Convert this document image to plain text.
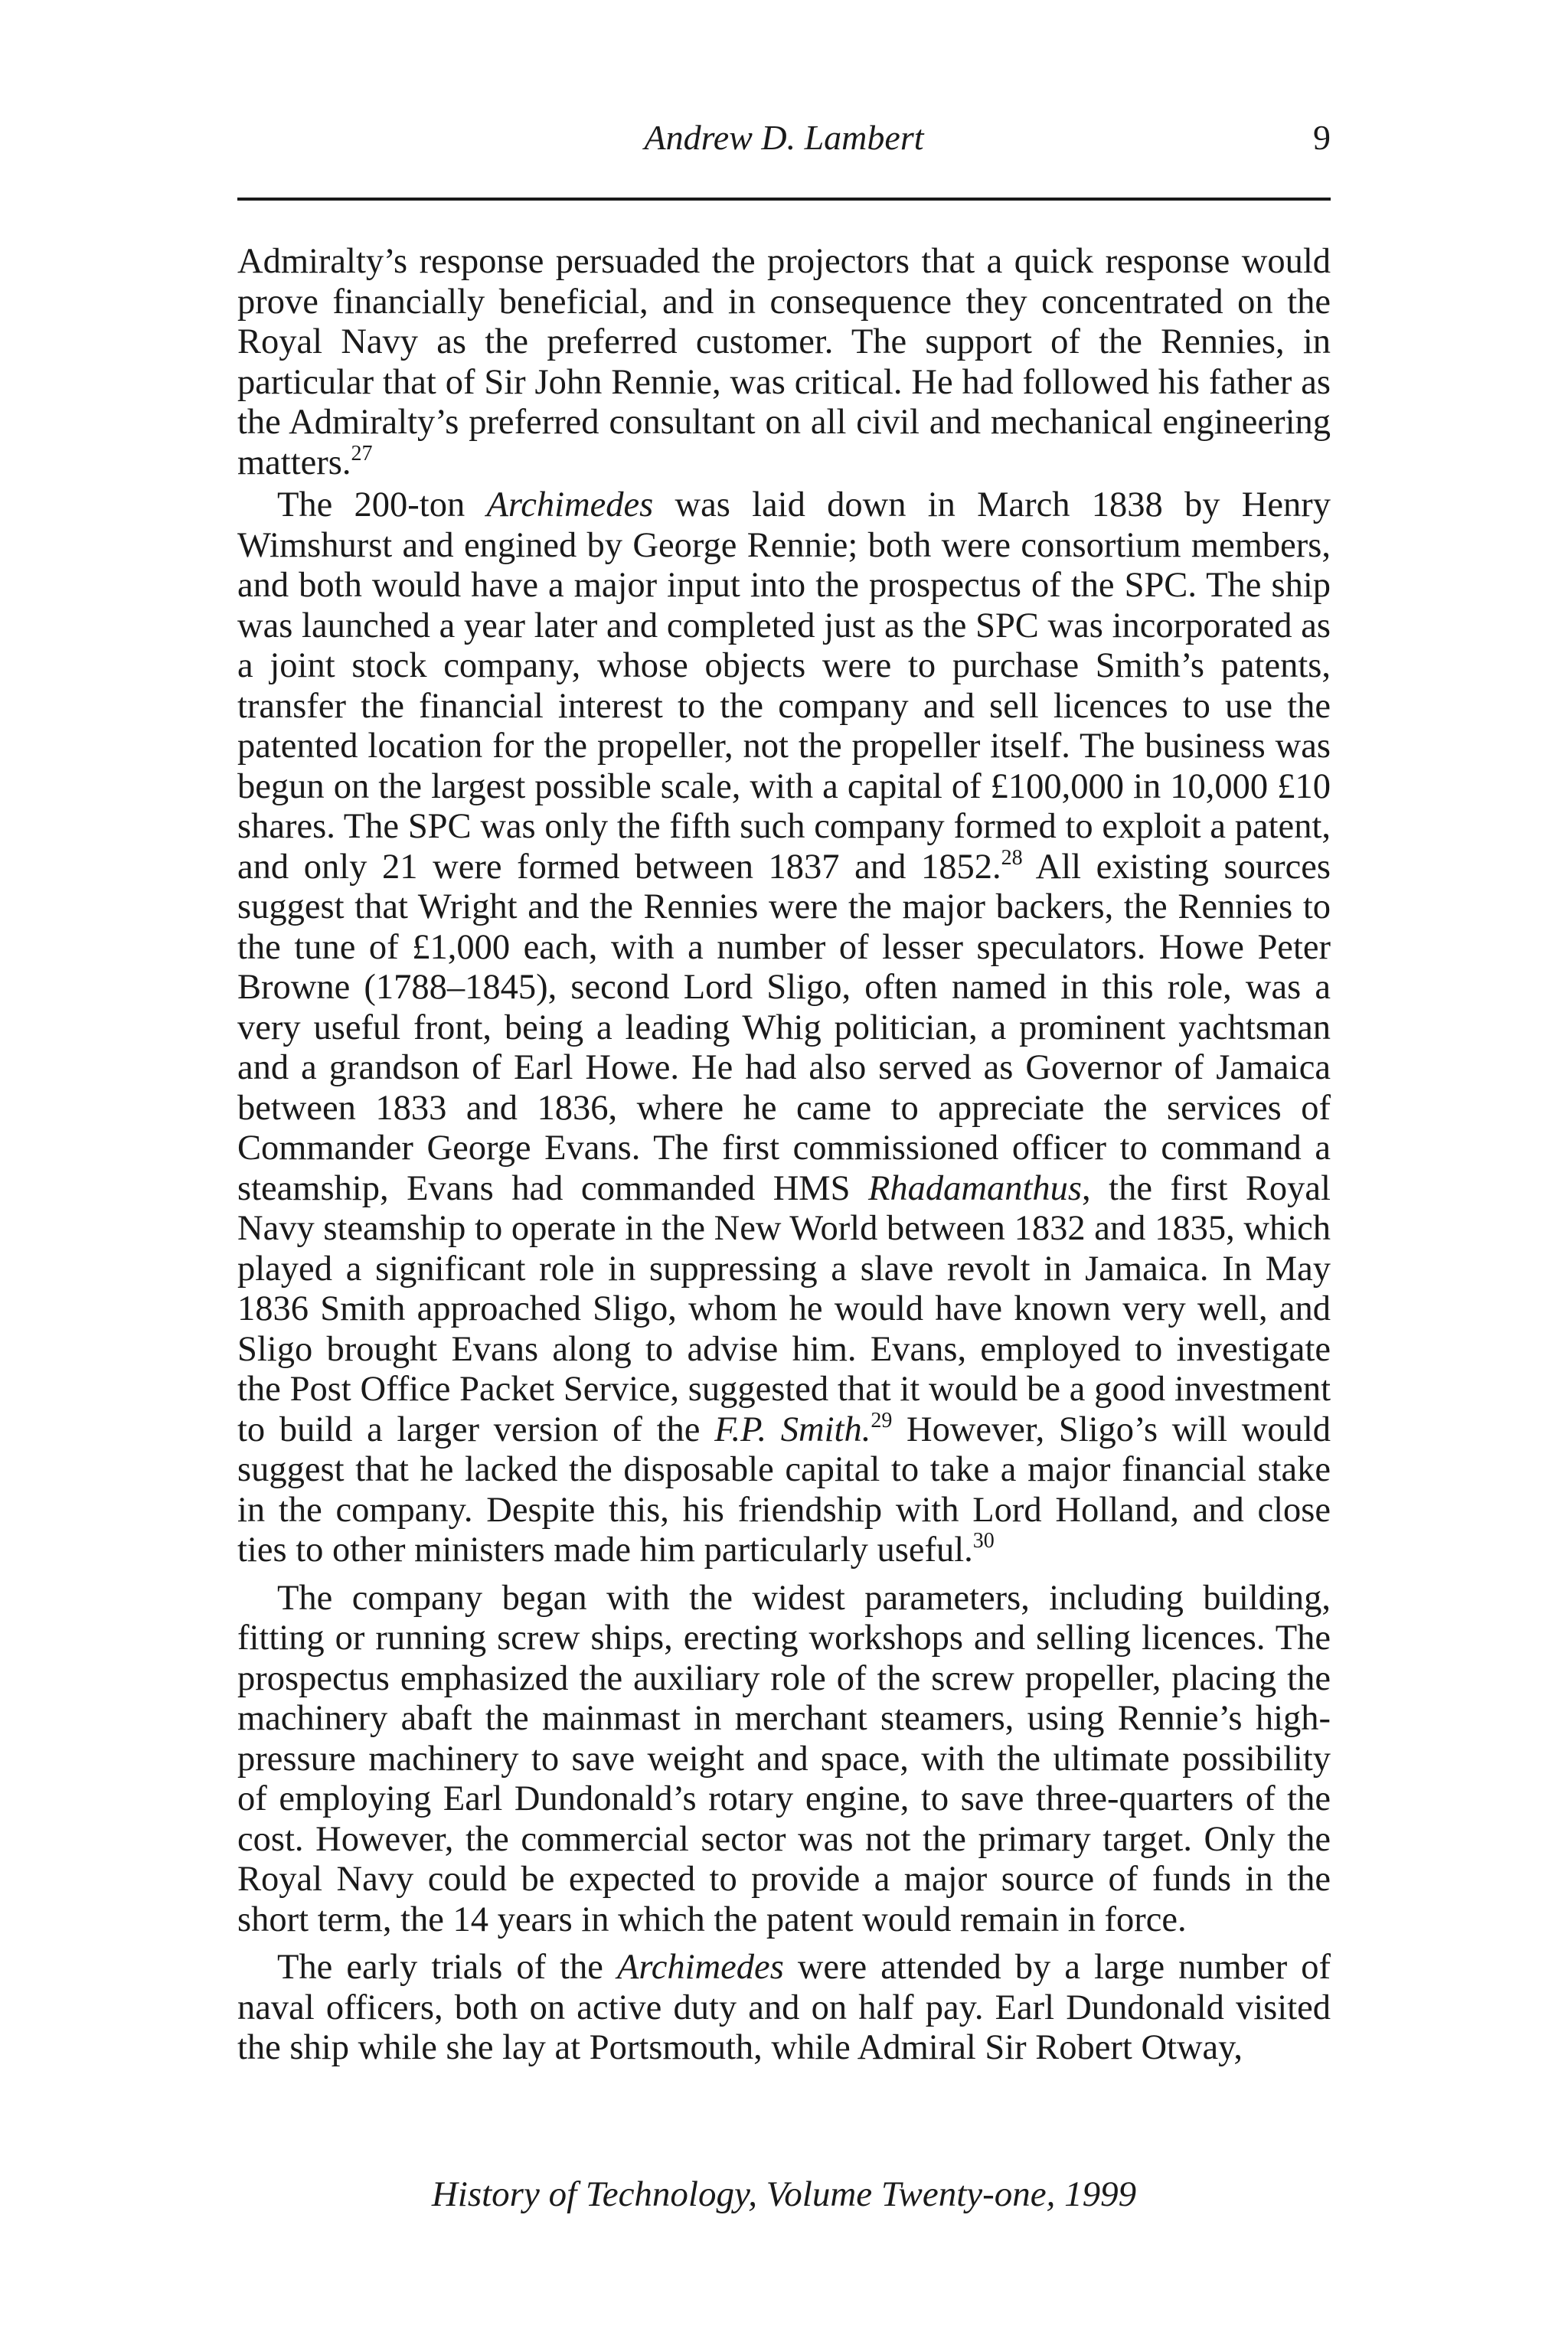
Andrew D. Lambert	9

Admiralty’s response persuaded the projectors that a quick response would prove financially beneficial, and in consequence they concentrated on the Royal Navy as the preferred customer. The support of the Rennies, in particular that of Sir John Rennie, was critical. He had followed his father as the Admiralty’s preferred consultant on all civil and mechanical engineering matters.$^{27}$

The 200-ton Archimedes was laid down in March 1838 by Henry Wimshurst and engined by George Rennie; both were consortium members, and both would have a major input into the prospectus of the SPC. The ship was launched a year later and completed just as the SPC was incorporated as a joint stock company, whose objects were to purchase Smith’s patents, transfer the financial interest to the company and sell licences to use the patented location for the propeller, not the propeller itself. The business was begun on the largest possible scale, with a capital of £100,000 in 10,000 £10 shares. The SPC was only the fifth such company formed to exploit a patent, and only 21 were formed between 1837 and 1852.28 All existing sources suggest that Wright and the Rennies were the major backers, the Rennies to the tune of £1,000 each, with a number of lesser speculators. Howe Peter Browne (1788–1845), second Lord Sligo, often named in this role, was a very useful front, being a leading Whig politician, a prominent yachtsman and a grandson of Earl Howe. He had also served as Governor of Jamaica between 1833 and 1836, where he came to appreciate the services of Commander George Evans. The first commissioned officer to command a steamship, Evans had commanded HMS Rhadamanthus, the first Royal Navy steamship to operate in the New World between 1832 and 1835, which played a significant role in suppressing a slave revolt in Jamaica. In May 1836 Smith approached Sligo, whom he would have known very well, and Sligo brought Evans along to advise him. Evans, employed to investigate the Post Office Packet Service, suggested that it would be a good investment to build a larger version of the F.P. Smith.$^{29}$ However, Sligo’s will would suggest that he lacked the disposable capital to take a major financial stake in the company. Despite this, his friendship with Lord Holland, and close ties to other ministers made him particularly useful.$^{30}$

The company began with the widest parameters, including building, fitting or running screw ships, erecting workshops and selling licences. The prospectus emphasized the auxiliary role of the screw propeller, placing the machinery abaft the mainmast in merchant steamers, using Rennie’s high-pressure machinery to save weight and space, with the ultimate possibility of employing Earl Dundonald’s rotary engine, to save three-quarters of the cost. However, the commercial sector was not the primary target. Only the Royal Navy could be expected to provide a major source of funds in the short term, the 14 years in which the patent would remain in force.

The early trials of the Archimedes were attended by a large number of naval officers, both on active duty and on half pay. Earl Dundonald visited the ship while she lay at Portsmouth, while Admiral Sir Robert Otway,

History of Technology, Volume Twenty-one, 1999
